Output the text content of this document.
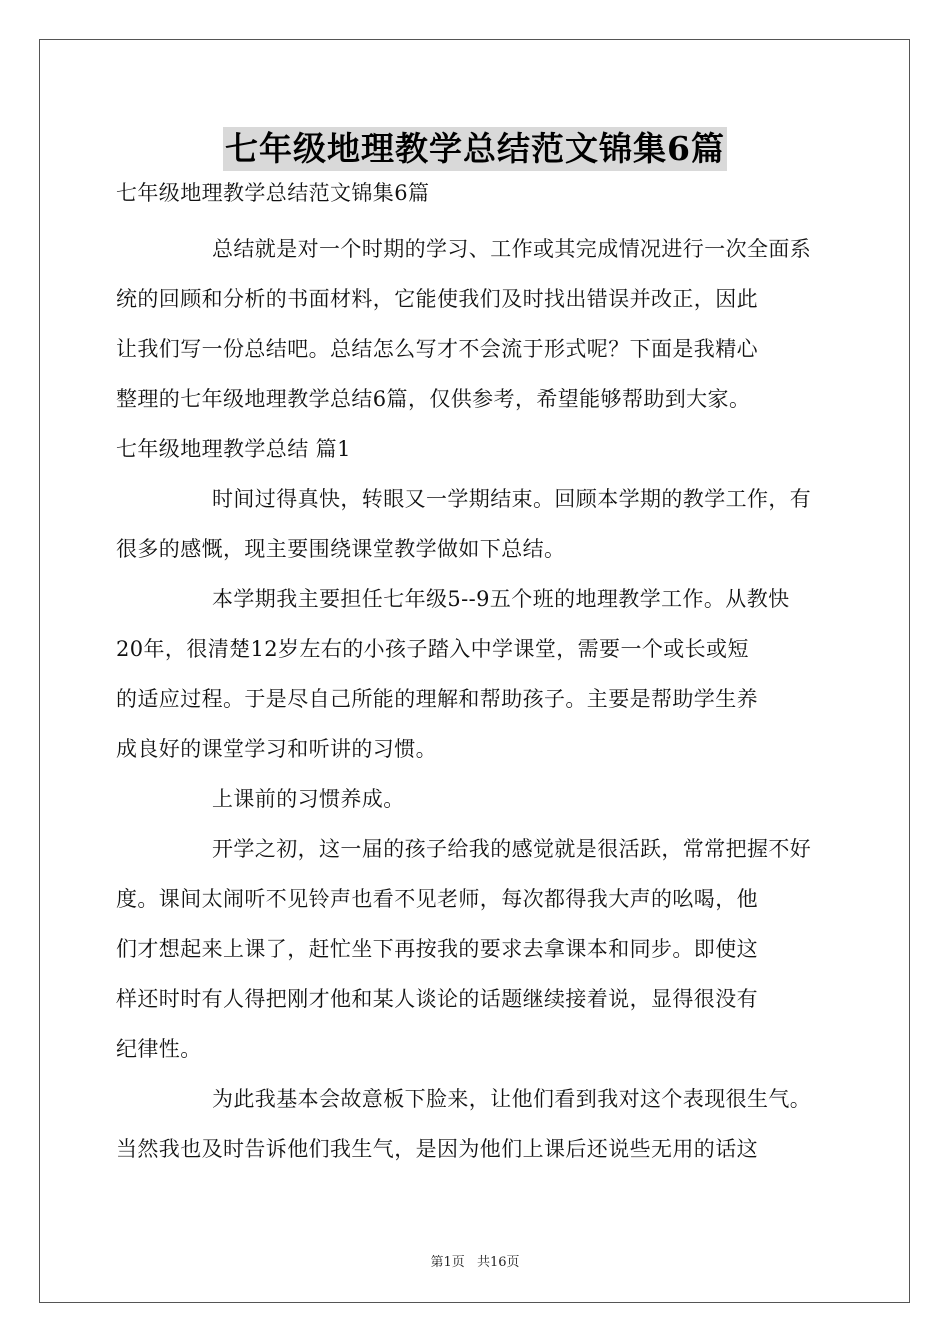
七年级地理教学总结范文锦集6篇
七年级地理教学总结范文锦集6篇
总结就是对一个时期的学习、工作或其完成情况进行一次全面系
统的回顾和分析的书面材料，它能使我们及时找出错误并改正，因此
让我们写一份总结吧。总结怎么写才不会流于形式呢？下面是我精心
整理的七年级地理教学总结6篇，仅供参考，希望能够帮助到大家。
七年级地理教学总结 篇1
时间过得真快，转眼又一学期结束。回顾本学期的教学工作，有
很多的感慨，现主要围绕课堂教学做如下总结。
本学期我主要担任七年级5--9五个班的地理教学工作。从教快
20年，很清楚12岁左右的小孩子踏入中学课堂，需要一个或长或短
的适应过程。于是尽自己所能的理解和帮助孩子。主要是帮助学生养
成良好的课堂学习和听讲的习惯。
上课前的习惯养成。
开学之初，这一届的孩子给我的感觉就是很活跃，常常把握不好
度。课间太闹听不见铃声也看不见老师，每次都得我大声的吆喝，他
们才想起来上课了，赶忙坐下再按我的要求去拿课本和同步。即使这
样还时时有人得把刚才他和某人谈论的话题继续接着说，显得很没有
纪律性。
为此我基本会故意板下脸来，让他们看到我对这个表现很生气。
当然我也及时告诉他们我生气，是因为他们上课后还说些无用的话这
第1页 共16页
